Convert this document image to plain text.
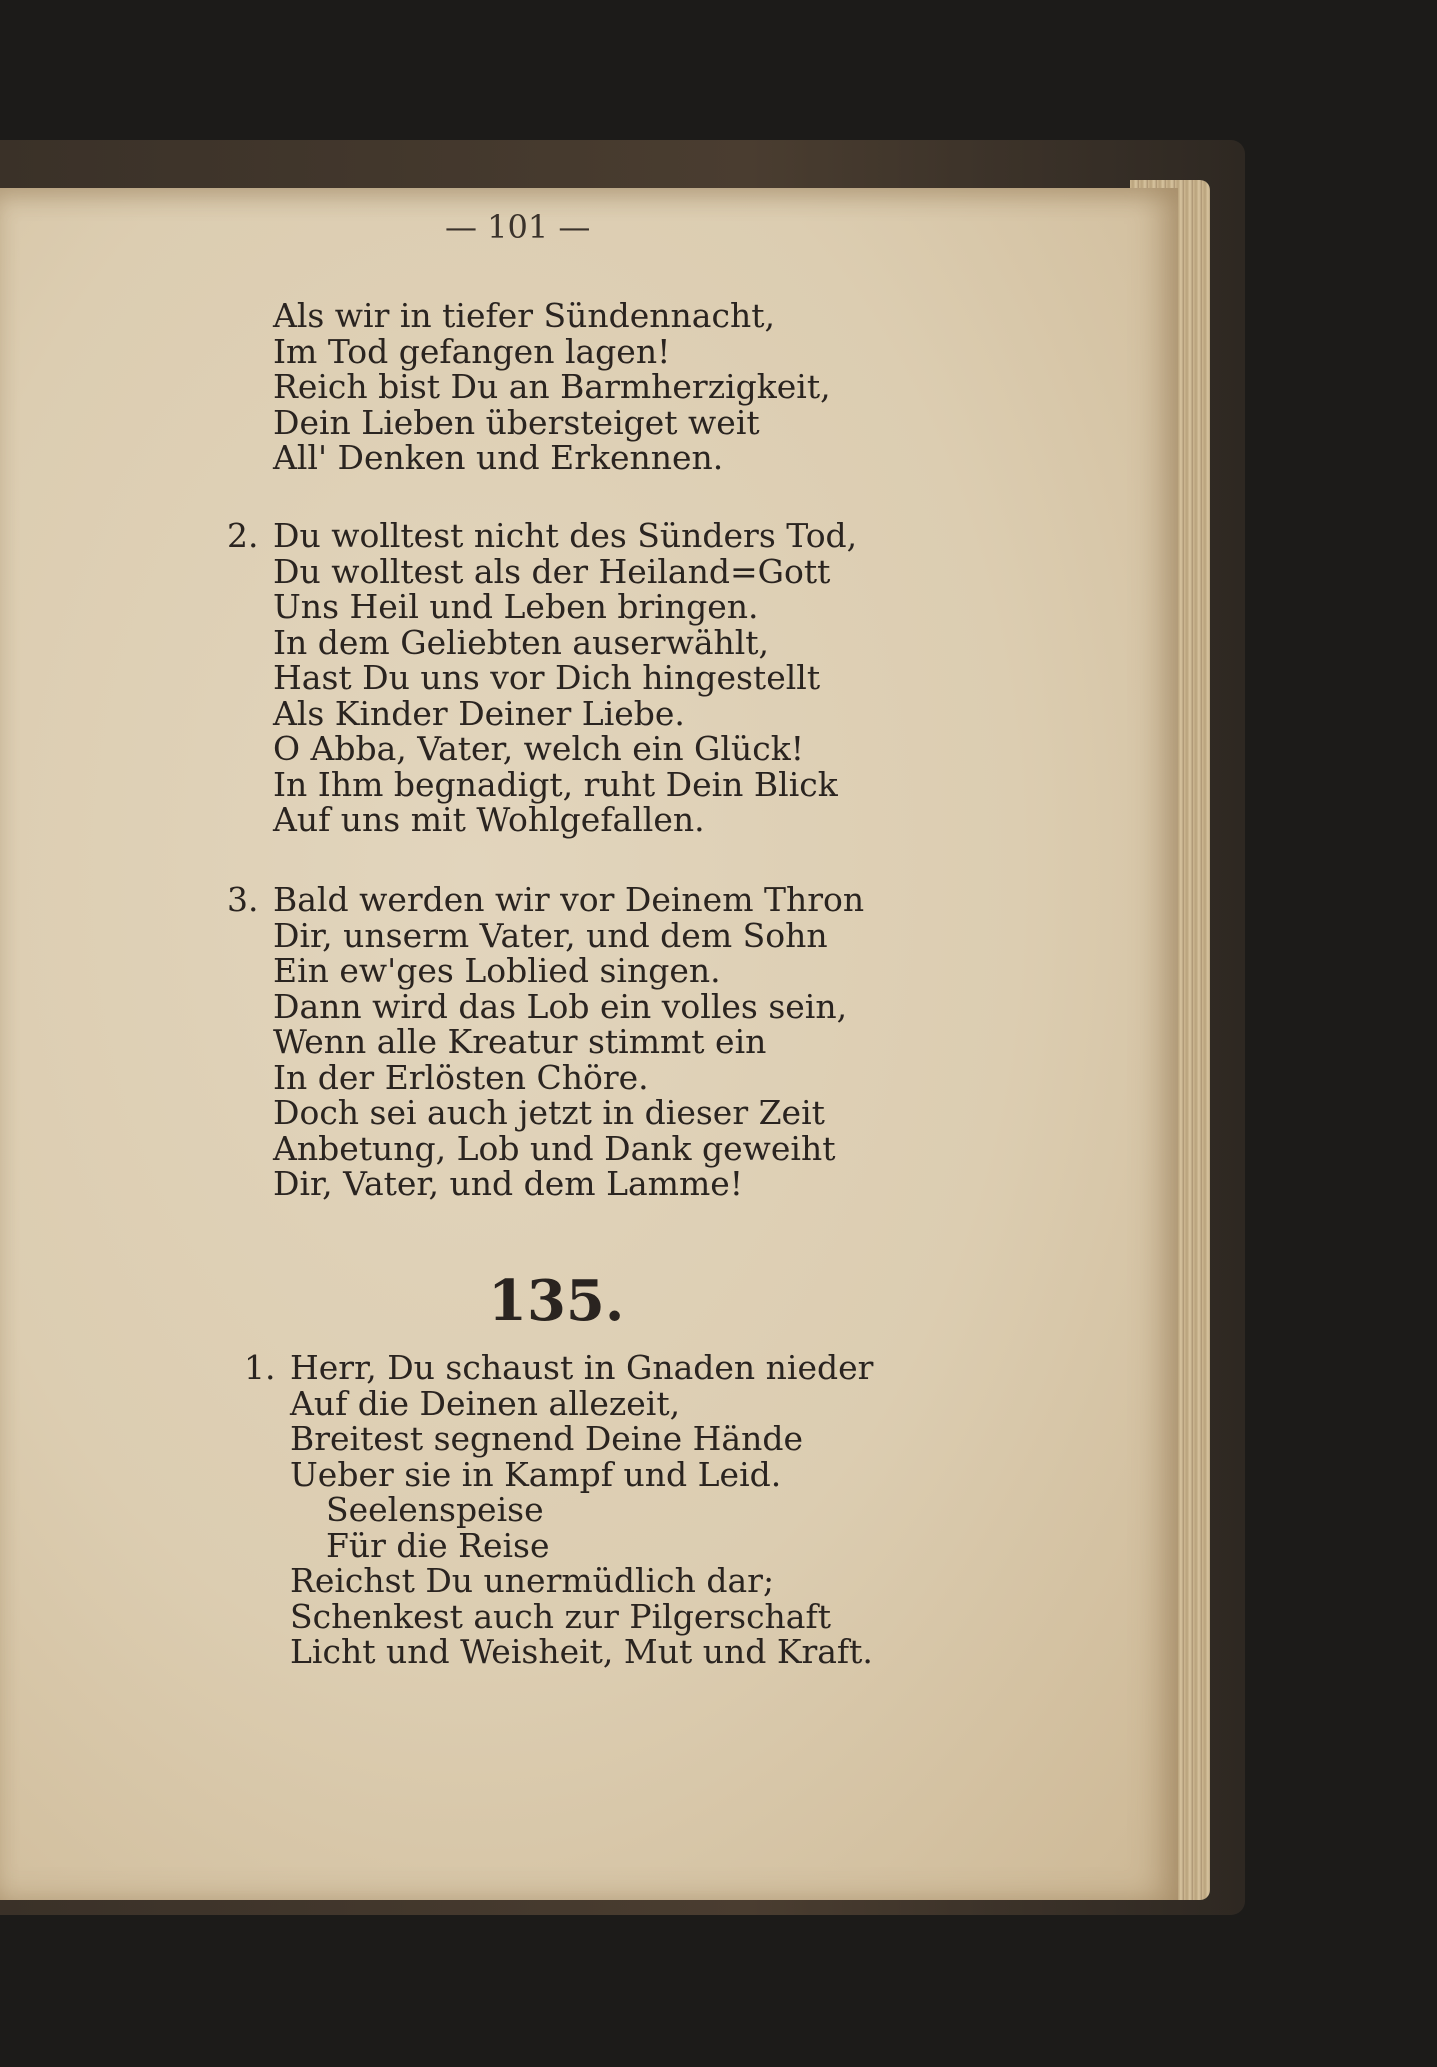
— 101 —
Als wir in tiefer Sündennacht,
Im Tod gefangen lagen!
Reich bist Du an Barmherzigkeit,
Dein Lieben übersteiget weit
All' Denken und Erkennen.
2. Du wolltest nicht des Sünders Tod,
Du wolltest als der Heiland=Gott
Uns Heil und Leben bringen.
In dem Geliebten auserwählt,
Hast Du uns vor Dich hingestellt
Als Kinder Deiner Liebe.
O Abba, Vater, welch ein Glück!
In Ihm begnadigt, ruht Dein Blick
Auf uns mit Wohlgefallen.
3. Bald werden wir vor Deinem Thron
Dir, unserm Vater, und dem Sohn
Ein ew'ges Loblied singen.
Dann wird das Lob ein volles sein,
Wenn alle Kreatur stimmt ein
In der Erlösten Chöre.
Doch sei auch jetzt in dieser Zeit
Anbetung, Lob und Dank geweiht
Dir, Vater, und dem Lamme!
135.
1. Herr, Du schaust in Gnaden nieder
Auf die Deinen allezeit,
Breitest segnend Deine Hände
Ueber sie in Kampf und Leid.
Seelenspeise
Für die Reise
Reichst Du unermüdlich dar;
Schenkest auch zur Pilgerschaft
Licht und Weisheit, Mut und Kraft.
